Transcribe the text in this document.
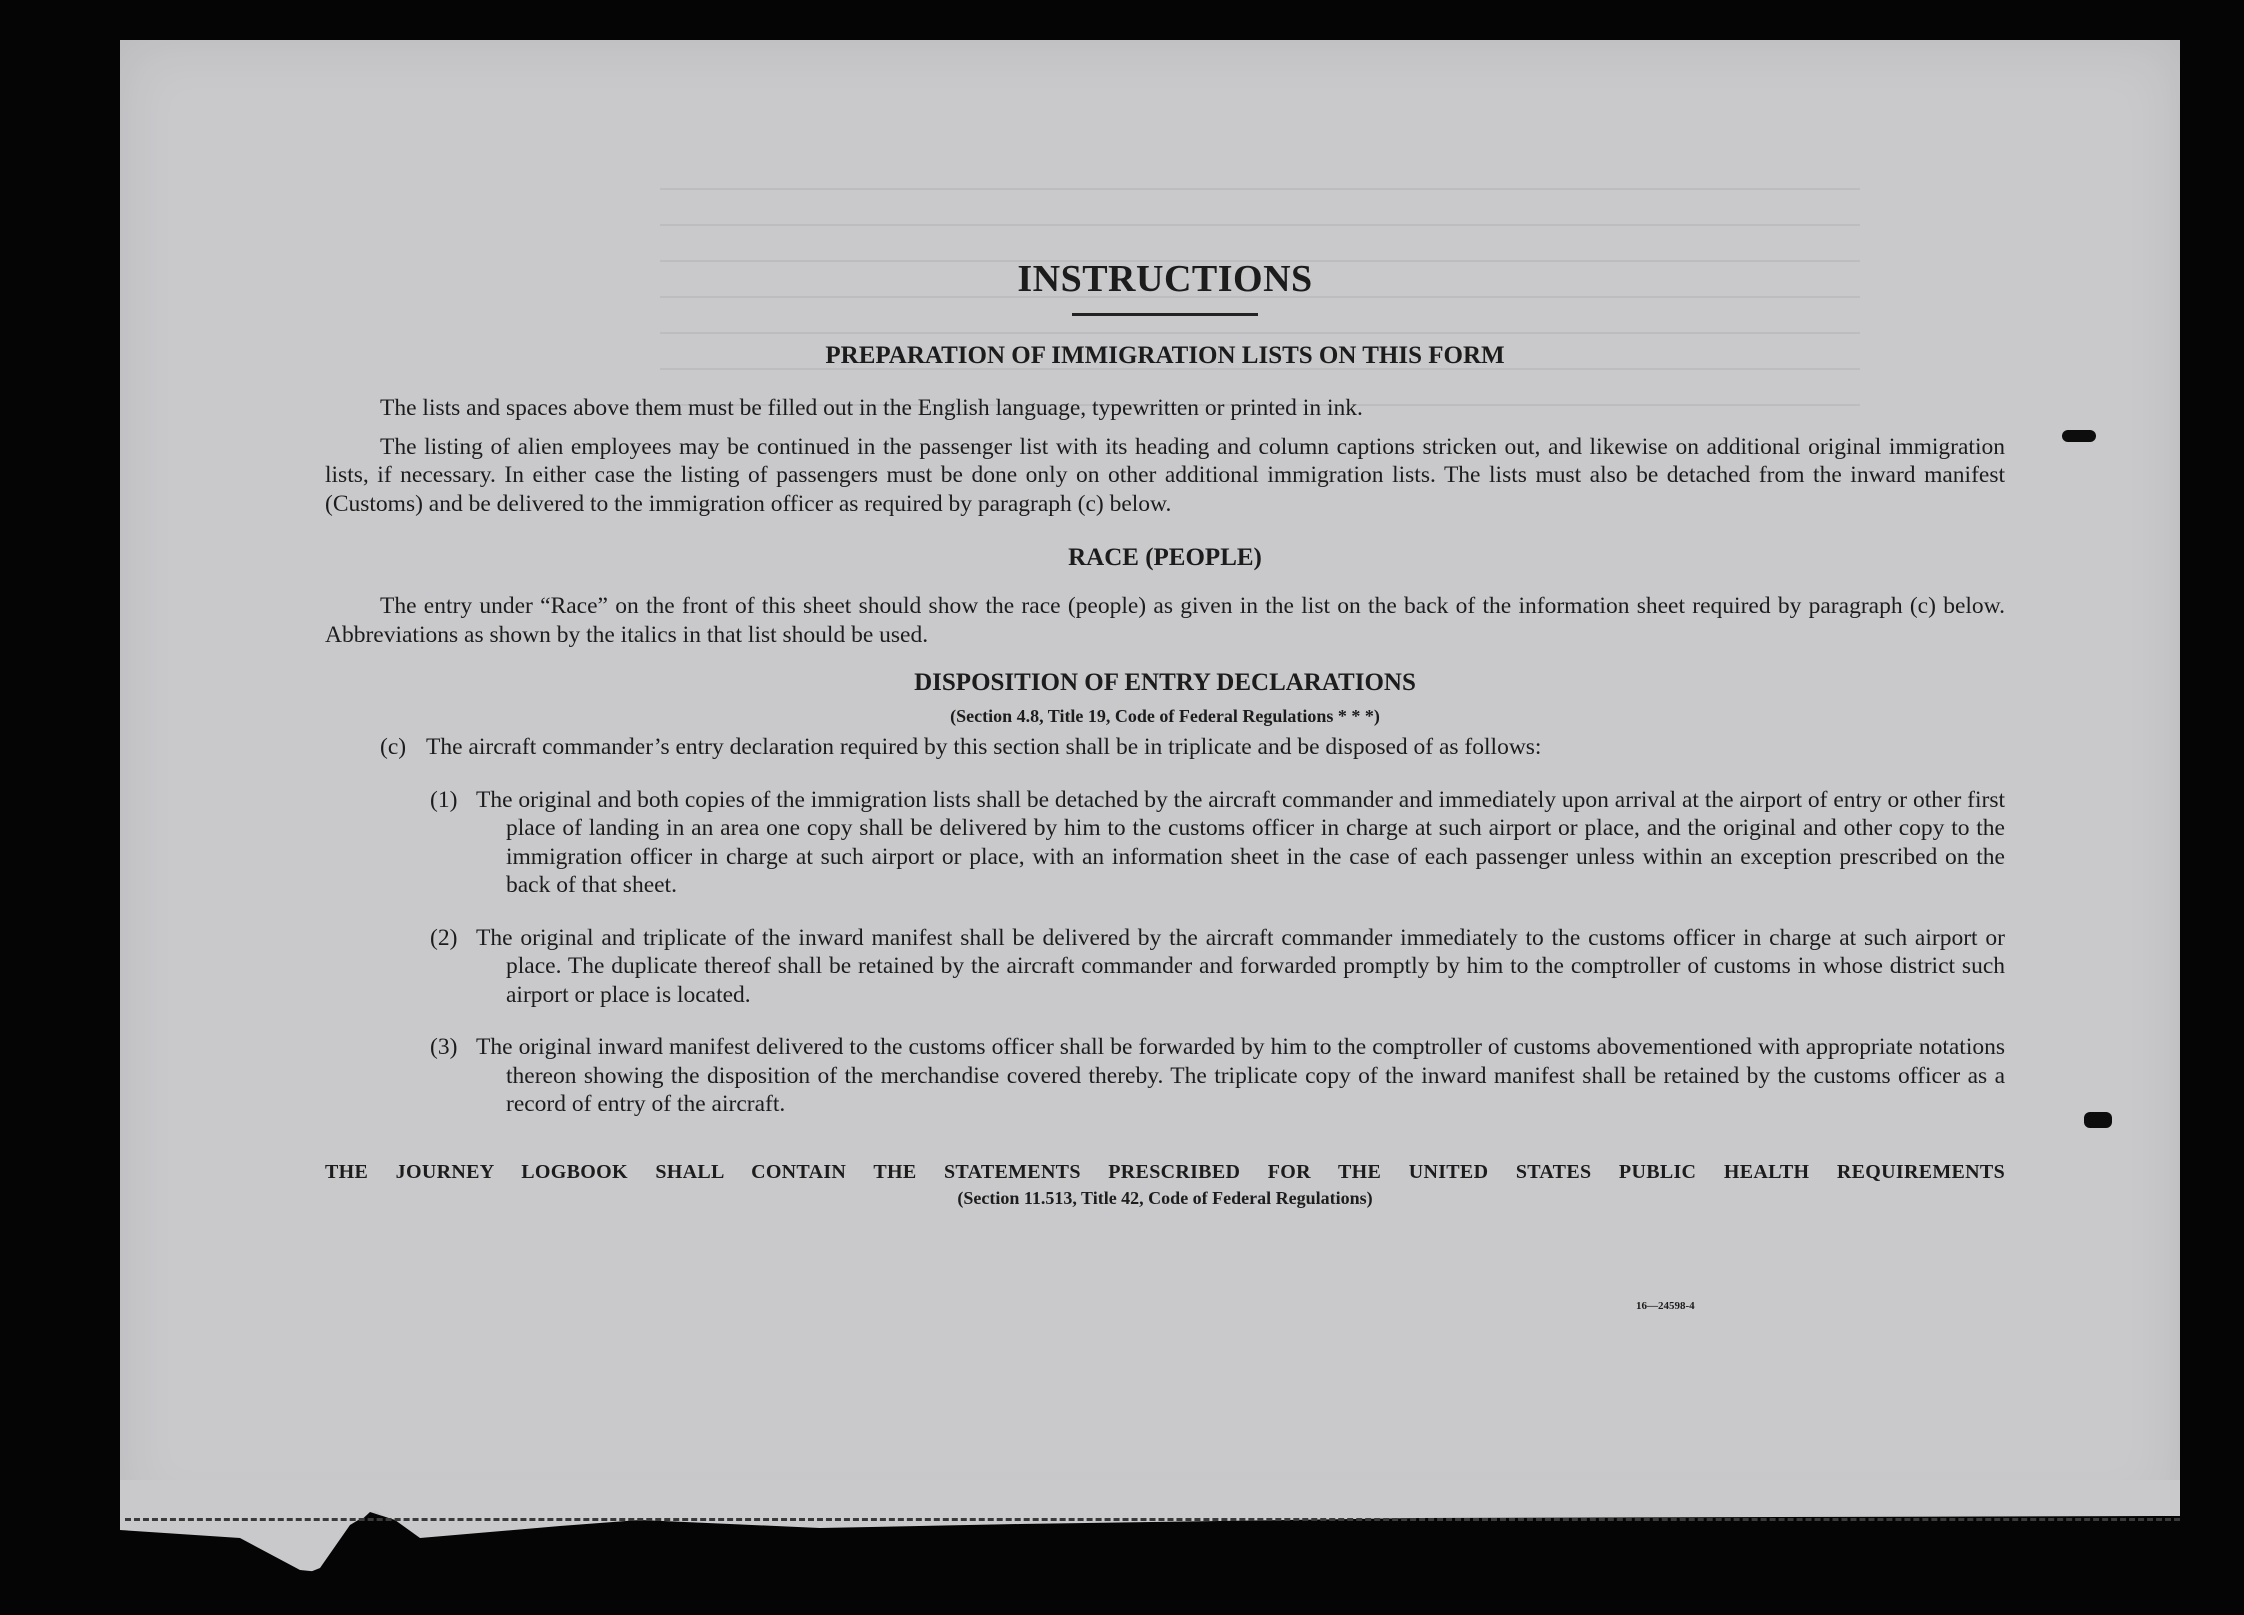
INSTRUCTIONS
PREPARATION OF IMMIGRATION LISTS ON THIS FORM

The lists and spaces above them must be filled out in the English language, typewritten or printed in ink.

The listing of alien employees may be continued in the passenger list with its heading and column captions stricken out, and likewise on additional original immigration lists, if necessary. In either case the listing of passengers must be done only on other additional immigration lists. The lists must also be detached from the inward manifest (Customs) and be delivered to the immigration officer as required by paragraph (c) below.

RACE (PEOPLE)

The entry under “Race” on the front of this sheet should show the race (people) as given in the list on the back of the information sheet required by paragraph (c) below. Abbreviations as shown by the italics in that list should be used.

DISPOSITION OF ENTRY DECLARATIONS
(Section 4.8, Title 19, Code of Federal Regulations * * *)
(c) The aircraft commander’s entry declaration required by this section shall be in triplicate and be disposed of as follows:
(1) The original and both copies of the immigration lists shall be detached by the aircraft commander and immediately upon arrival at the airport of entry or other first place of landing in an area one copy shall be delivered by him to the customs officer in charge at such airport or place, and the original and other copy to the immigration officer in charge at such airport or place, with an information sheet in the case of each passenger unless within an exception prescribed on the back of that sheet.
(2) The original and triplicate of the inward manifest shall be delivered by the aircraft commander immediately to the customs officer in charge at such airport or place. The duplicate thereof shall be retained by the aircraft commander and forwarded promptly by him to the comptroller of customs in whose district such airport or place is located.
(3) The original inward manifest delivered to the customs officer shall be forwarded by him to the comptroller of customs abovementioned with appropriate notations thereon showing the disposition of the merchandise covered thereby. The triplicate copy of the inward manifest shall be retained by the customs officer as a record of entry of the aircraft.
THE JOURNEY LOGBOOK SHALL CONTAIN THE STATEMENTS PRESCRIBED FOR THE UNITED STATES PUBLIC HEALTH REQUIREMENTS
(Section 11.513, Title 42, Code of Federal Regulations)
16—24598-4
